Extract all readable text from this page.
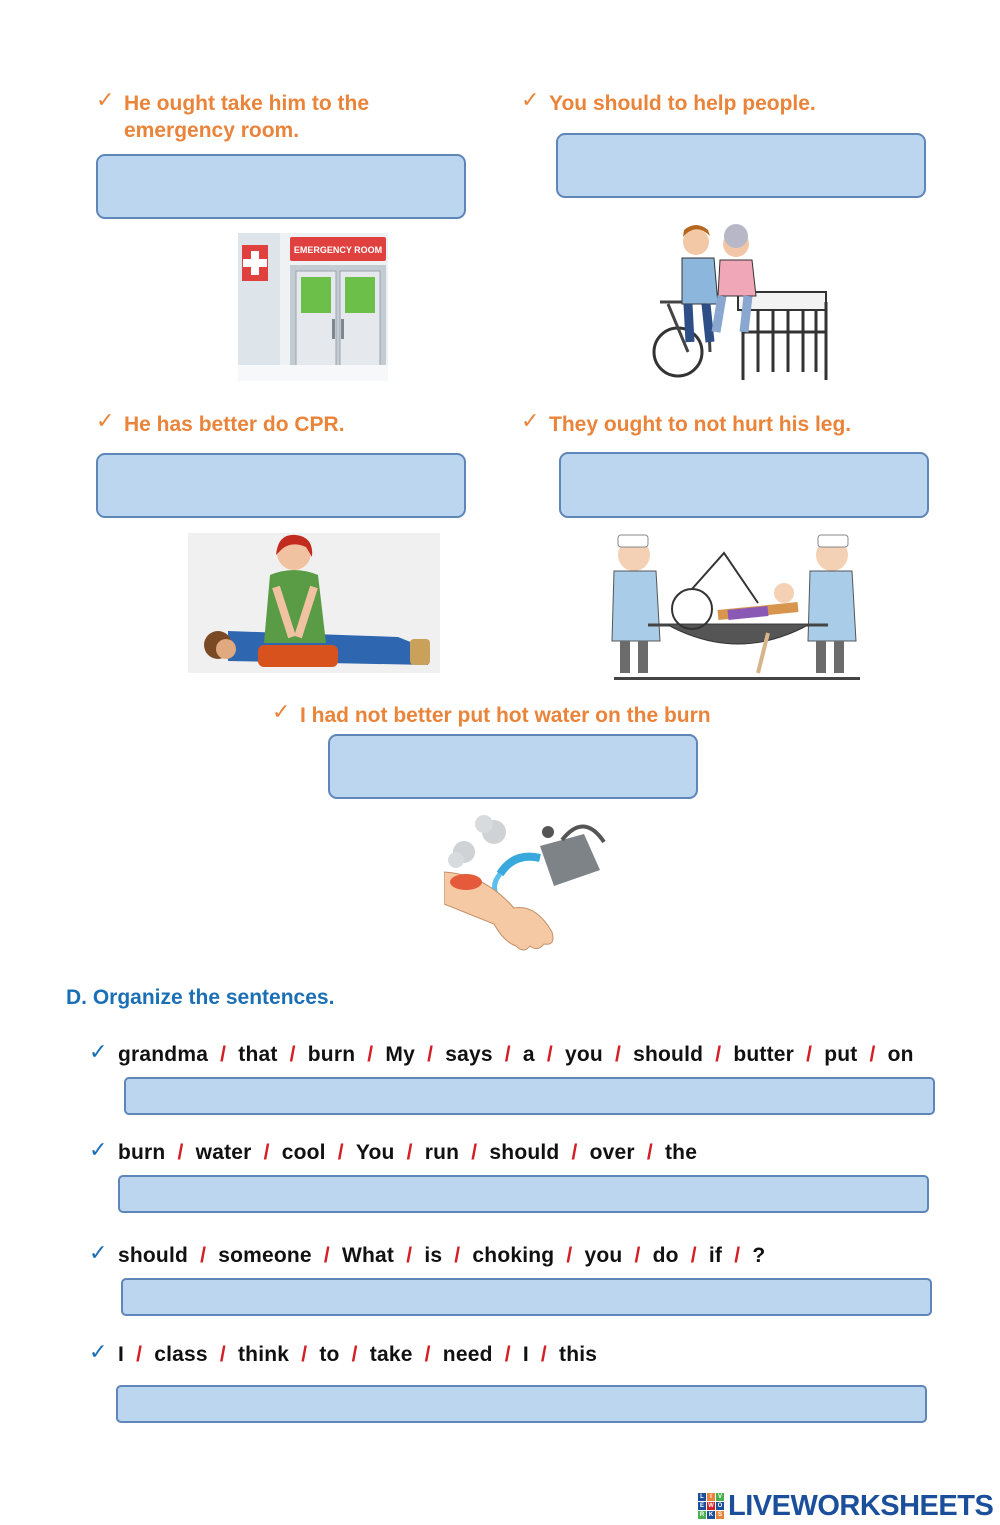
✓ He ought take him to the
emergency room.
✓ You should to help people.
EMERGENCY ROOM
✓ He has better do CPR.	✓ They ought to not hurt his leg.
✓ I had not better put hot water on the burn
D. Organize the sentences.
✓ grandma  /  that  /  burn  /  My  /  says  /  a  /  you  /  should  /  butter  /  put  /  on
✓ burn  /  water  /  cool  /  You  /  run  /  should  /  over  /  the
✓ should  /  someone  /  What  /  is  /  choking  /  you  /  do  /  if  /  ?
✓ I  /  class  /  think  /  to  /  take  /  need  /  I  /  this
L	I	V
E W O
R K S LIVEWORKSHEETS
